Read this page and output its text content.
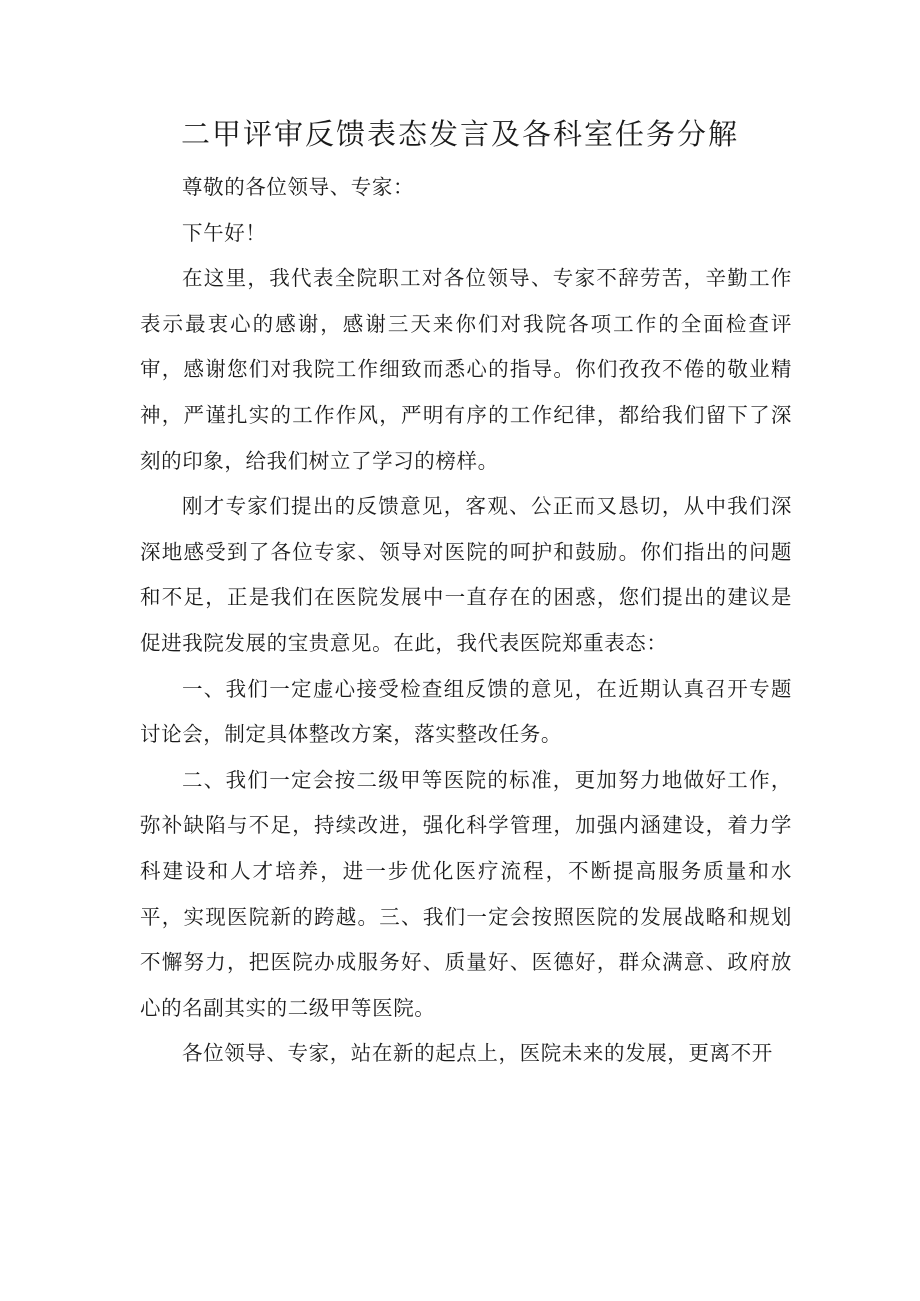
二甲评审反馈表态发言及各科室任务分解

尊敬的各位领导、专家：

下午好！

在这里，我代表全院职工对各位领导、专家不辞劳苦，辛勤工作表示最衷心的感谢，感谢三天来你们对我院各项工作的全面检查评审，感谢您们对我院工作细致而悉心的指导。你们孜孜不倦的敬业精神，严谨扎实的工作作风，严明有序的工作纪律，都给我们留下了深刻的印象，给我们树立了学习的榜样。

刚才专家们提出的反馈意见，客观、公正而又恳切，从中我们深深地感受到了各位专家、领导对医院的呵护和鼓励。你们指出的问题和不足，正是我们在医院发展中一直存在的困惑，您们提出的建议是促进我院发展的宝贵意见。在此，我代表医院郑重表态：

一、我们一定虚心接受检查组反馈的意见，在近期认真召开专题讨论会，制定具体整改方案，落实整改任务。

二、我们一定会按二级甲等医院的标准，更加努力地做好工作，弥补缺陷与不足，持续改进，强化科学管理，加强内涵建设，着力学科建设和人才培养，进一步优化医疗流程，不断提高服务质量和水平，实现医院新的跨越。三、我们一定会按照医院的发展战略和规划不懈努力，把医院办成服务好、质量好、医德好，群众满意、政府放心的名副其实的二级甲等医院。

各位领导、专家，站在新的起点上，医院未来的发展，更离不开
